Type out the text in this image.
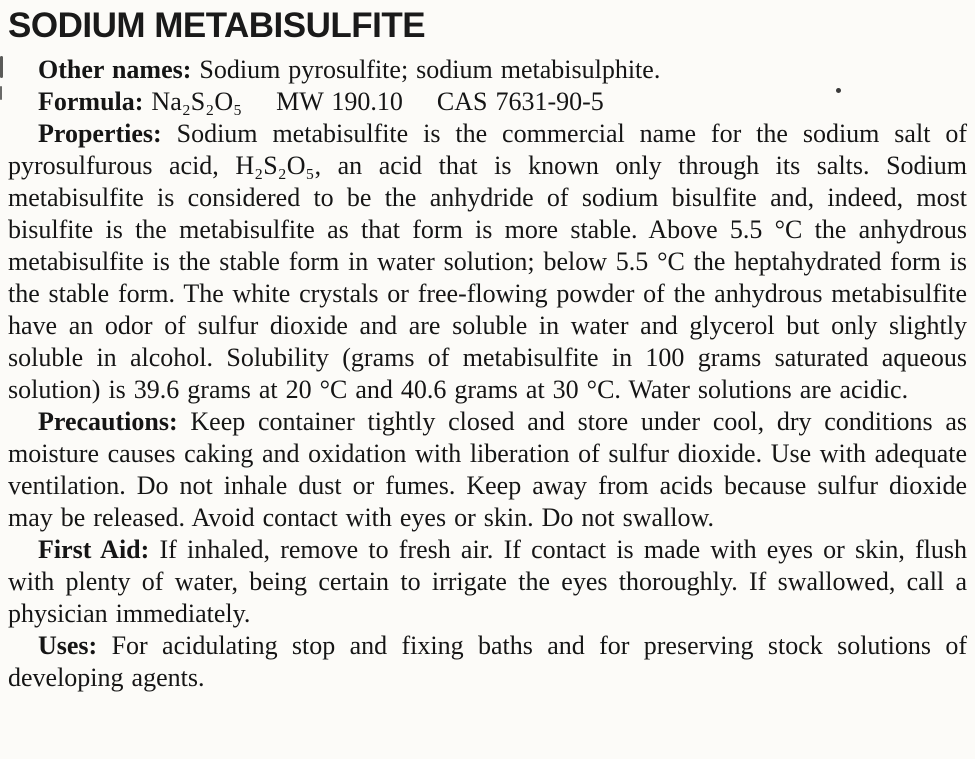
SODIUM METABISULFITE

Other names: Sodium pyrosulfite; sodium metabisulphite.

Formula: Na₂S₂O₅ MW 190.10 CAS 7631-90-5

Properties: Sodium metabisulfite is the commercial name for the sodium salt of pyrosulfurous acid, H₂S₂O₅, an acid that is known only through its salts. Sodium metabisulfite is considered to be the anhydride of sodium bisulfite and, indeed, most bisulfite is the metabisulfite as that form is more stable. Above 5.5 °C the anhydrous metabisulfite is the stable form in water solution; below 5.5 °C the heptahydrated form is the stable form. The white crystals or free-flowing powder of the anhydrous metabisulfite have an odor of sulfur dioxide and are soluble in water and glycerol but only slightly soluble in alcohol. Solubility (grams of metabisulfite in 100 grams saturated aqueous solution) is 39.6 grams at 20 °C and 40.6 grams at 30 °C. Water solutions are acidic.

Precautions: Keep container tightly closed and store under cool, dry conditions as moisture causes caking and oxidation with liberation of sulfur dioxide. Use with adequate ventilation. Do not inhale dust or fumes. Keep away from acids because sulfur dioxide may be released. Avoid contact with eyes or skin. Do not swallow.

First Aid: If inhaled, remove to fresh air. If contact is made with eyes or skin, flush with plenty of water, being certain to irrigate the eyes thoroughly. If swallowed, call a physician immediately.

Uses: For acidulating stop and fixing baths and for preserving stock solutions of developing agents.
